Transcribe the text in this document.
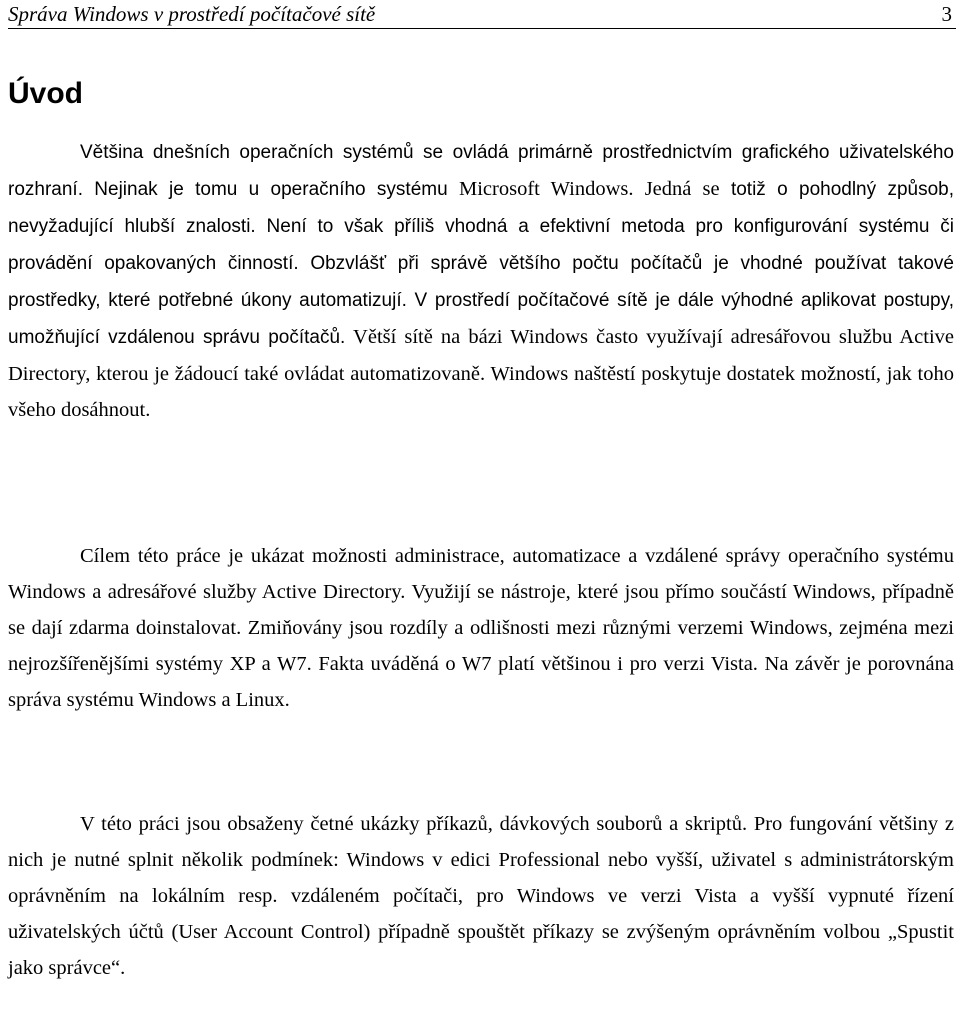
Správa Windows v prostředí počítačové sítě	3
Úvod

Většina dnešních operačních systémů se ovládá primárně prostřednictvím grafického uživatelského rozhraní. Nejinak je tomu u operačního systému Microsoft Windows. Jedná se totiž o pohodlný způsob, nevyžadující hlubší znalosti. Není to však příliš vhodná a efektivní metoda pro konfigurování systému či provádění opakovaných činností. Obzvlášť při správě většího počtu počítačů je vhodné používat takové prostředky, které potřebné úkony automatizují. V prostředí počítačové sítě je dále výhodné aplikovat postupy, umožňující vzdálenou správu počítačů. Větší sítě na bázi Windows často využívají adresářovou službu Active Directory, kterou je žádoucí také ovládat automatizovaně. Windows naštěstí poskytuje dostatek možností, jak toho všeho dosáhnout.

Cílem této práce je ukázat možnosti administrace, automatizace a vzdálené správy operačního systému Windows a adresářové služby Active Directory. Využijí se nástroje, které jsou přímo součástí Windows, případně se dají zdarma doinstalovat. Zmiňovány jsou rozdíly a odlišnosti mezi různými verzemi Windows, zejména mezi nejrozšířenějšími systémy XP a W7. Fakta uváděná o W7 platí většinou i pro verzi Vista. Na závěr je porovnána správa systému Windows a Linux.

V této práci jsou obsaženy četné ukázky příkazů, dávkových souborů a skriptů. Pro fungování většiny z nich je nutné splnit několik podmínek: Windows v edici Professional nebo vyšší, uživatel s administrátorským oprávněním na lokálním resp. vzdáleném počítači, pro Windows ve verzi Vista a vyšší vypnuté řízení uživatelských účtů (User Account Control) případně spouštět příkazy se zvýšeným oprávněním volbou „Spustit jako správce“.
